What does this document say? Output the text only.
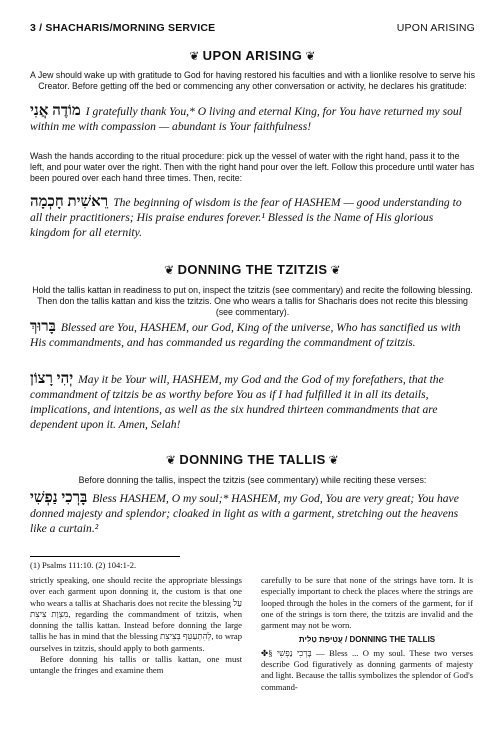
3 / SHACHARIS/MORNING SERVICE	UPON ARISING
❦ UPON ARISING ❦
A Jew should wake up with gratitude to God for having restored his faculties and with a lionlike resolve to serve his Creator. Before getting off the bed or commencing any other conversation or activity, he declares his gratitude:
מוֹדֶה אֲנִי I gratefully thank You,* O living and eternal King, for You have returned my soul within me with compassion — abundant is Your faithfulness!
Wash the hands according to the ritual procedure: pick up the vessel of water with the right hand, pass it to the left, and pour water over the right. Then with the right hand pour over the left. Follow this procedure until water has been poured over each hand three times. Then, recite:
רֵאשִׁית חָכְמָה The beginning of wisdom is the fear of HASHEM — good understanding to all their practitioners; His praise endures forever.¹ Blessed is the Name of His glorious kingdom for all eternity.
❦ DONNING THE TZITZIS ❦
Hold the tallis kattan in readiness to put on, inspect the tzitzis (see commentary) and recite the following blessing. Then don the tallis kattan and kiss the tzitzis. One who wears a tallis for Shacharis does not recite this blessing (see commentary).
בָּרוּךְ Blessed are You, HASHEM, our God, King of the universe, Who has sanctified us with His commandments, and has commanded us regarding the commandment of tzitzis.
יְהִי רָצוֹן May it be Your will, HASHEM, my God and the God of my forefathers, that the commandment of tzitzis be as worthy before You as if I had fulfilled it in all its details, implications, and intentions, as well as the six hundred thirteen commandments that are dependent upon it. Amen, Selah!
❦ DONNING THE TALLIS ❦
Before donning the tallis, inspect the tzitzis (see commentary) while reciting these verses:
בָּרְכִי נַפְשִׁי Bless HASHEM, O my soul;* HASHEM, my God, You are very great; You have donned majesty and splendor; cloaked in light as with a garment, stretching out the heavens like a curtain.²
(1) Psalms 111:10. (2) 104:1-2.
strictly speaking, one should recite the appropriate blessings over each garment upon donning it, the custom is that one who wears a tallis at Shacharis does not recite the blessing עַל מִצְוַת צִיצִת, regarding the commandment of tzitzis, when donning the tallis kattan. Instead before donning the large tallis he has in mind that the blessing לְהִתְעַטֵּף בְּצִיצִת, to wrap ourselves in tzitzis, should apply to both garments.
Before donning his tallis or tallis kattan, one must untangle the fringes and examine them
carefully to be sure that none of the strings have torn. It is especially important to check the places where the strings are looped through the holes in the corners of the garment, for if one of the strings is torn there, the tzitzis are invalid and the garment may not be worn.
עֲטִיפַת טַלִּית / DONNING THE TALLIS
✤§ בָּרְכִי נַפְשִׁי — Bless ... O my soul. These two verses describe God figuratively as donning garments of majesty and light. Because the tallis symbolizes the splendor of God's command-
